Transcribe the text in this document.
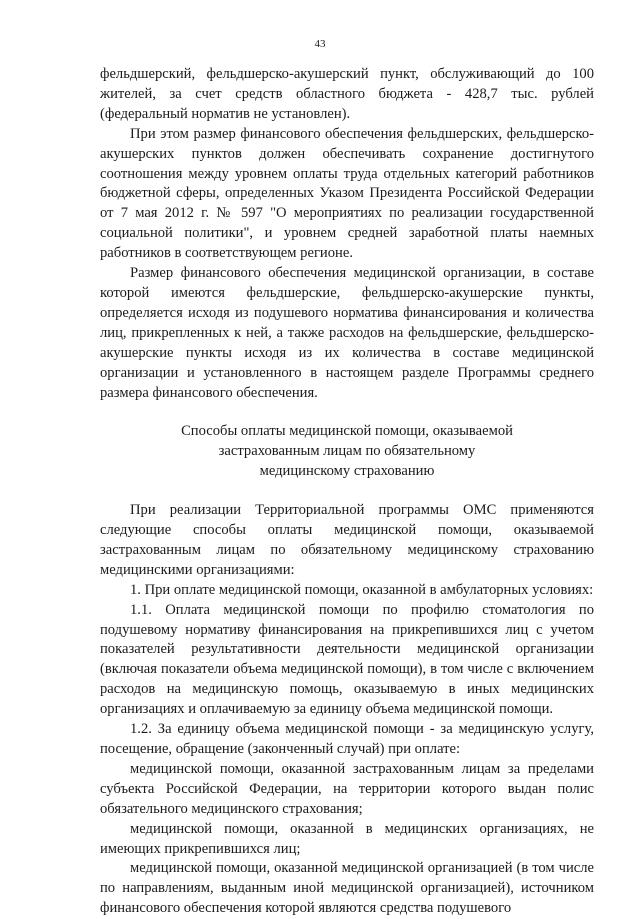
43

фельдшерский, фельдшерско-акушерский пункт, обслуживающий до 100 жителей, за счет средств областного бюджета - 428,7 тыс. рублей (федеральный норматив не установлен).

При этом размер финансового обеспечения фельдшерских, фельдшерско-акушерских пунктов должен обеспечивать сохранение достигнутого соотношения между уровнем оплаты труда отдельных категорий работников бюджетной сферы, определенных Указом Президента Российской Федерации от 7 мая 2012 г. № 597 "О мероприятиях по реализации государственной социальной политики", и уровнем средней заработной платы наемных работников в соответствующем регионе.

Размер финансового обеспечения медицинской организации, в составе которой имеются фельдшерские, фельдшерско-акушерские пункты, определяется исходя из подушевого норматива финансирования и количества лиц, прикрепленных к ней, а также расходов на фельдшерские, фельдшерско-акушерские пункты исходя из их количества в составе медицинской организации и установленного в настоящем разделе Программы среднего размера финансового обеспечения.

Способы оплаты медицинской помощи, оказываемой
застрахованным лицам по обязательному
медицинскому страхованию

При реализации Территориальной программы ОМС применяются следующие способы оплаты медицинской помощи, оказываемой застрахованным лицам по обязательному медицинскому страхованию медицинскими организациями:

1. При оплате медицинской помощи, оказанной в амбулаторных условиях:

1.1. Оплата медицинской помощи по профилю стоматология по подушевому нормативу финансирования на прикрепившихся лиц с учетом показателей результативности деятельности медицинской организации (включая показатели объема медицинской помощи), в том числе с включением расходов на медицинскую помощь, оказываемую в иных медицинских организациях и оплачиваемую за единицу объема медицинской помощи.

1.2. За единицу объема медицинской помощи - за медицинскую услугу, посещение, обращение (законченный случай) при оплате:

медицинской помощи, оказанной застрахованным лицам за пределами субъекта Российской Федерации, на территории которого выдан полис обязательного медицинского страхования;

медицинской помощи, оказанной в медицинских организациях, не имеющих прикрепившихся лиц;

медицинской помощи, оказанной медицинской организацией (в том числе по направлениям, выданным иной медицинской организацией), источником финансового обеспечения которой являются средства подушевого
